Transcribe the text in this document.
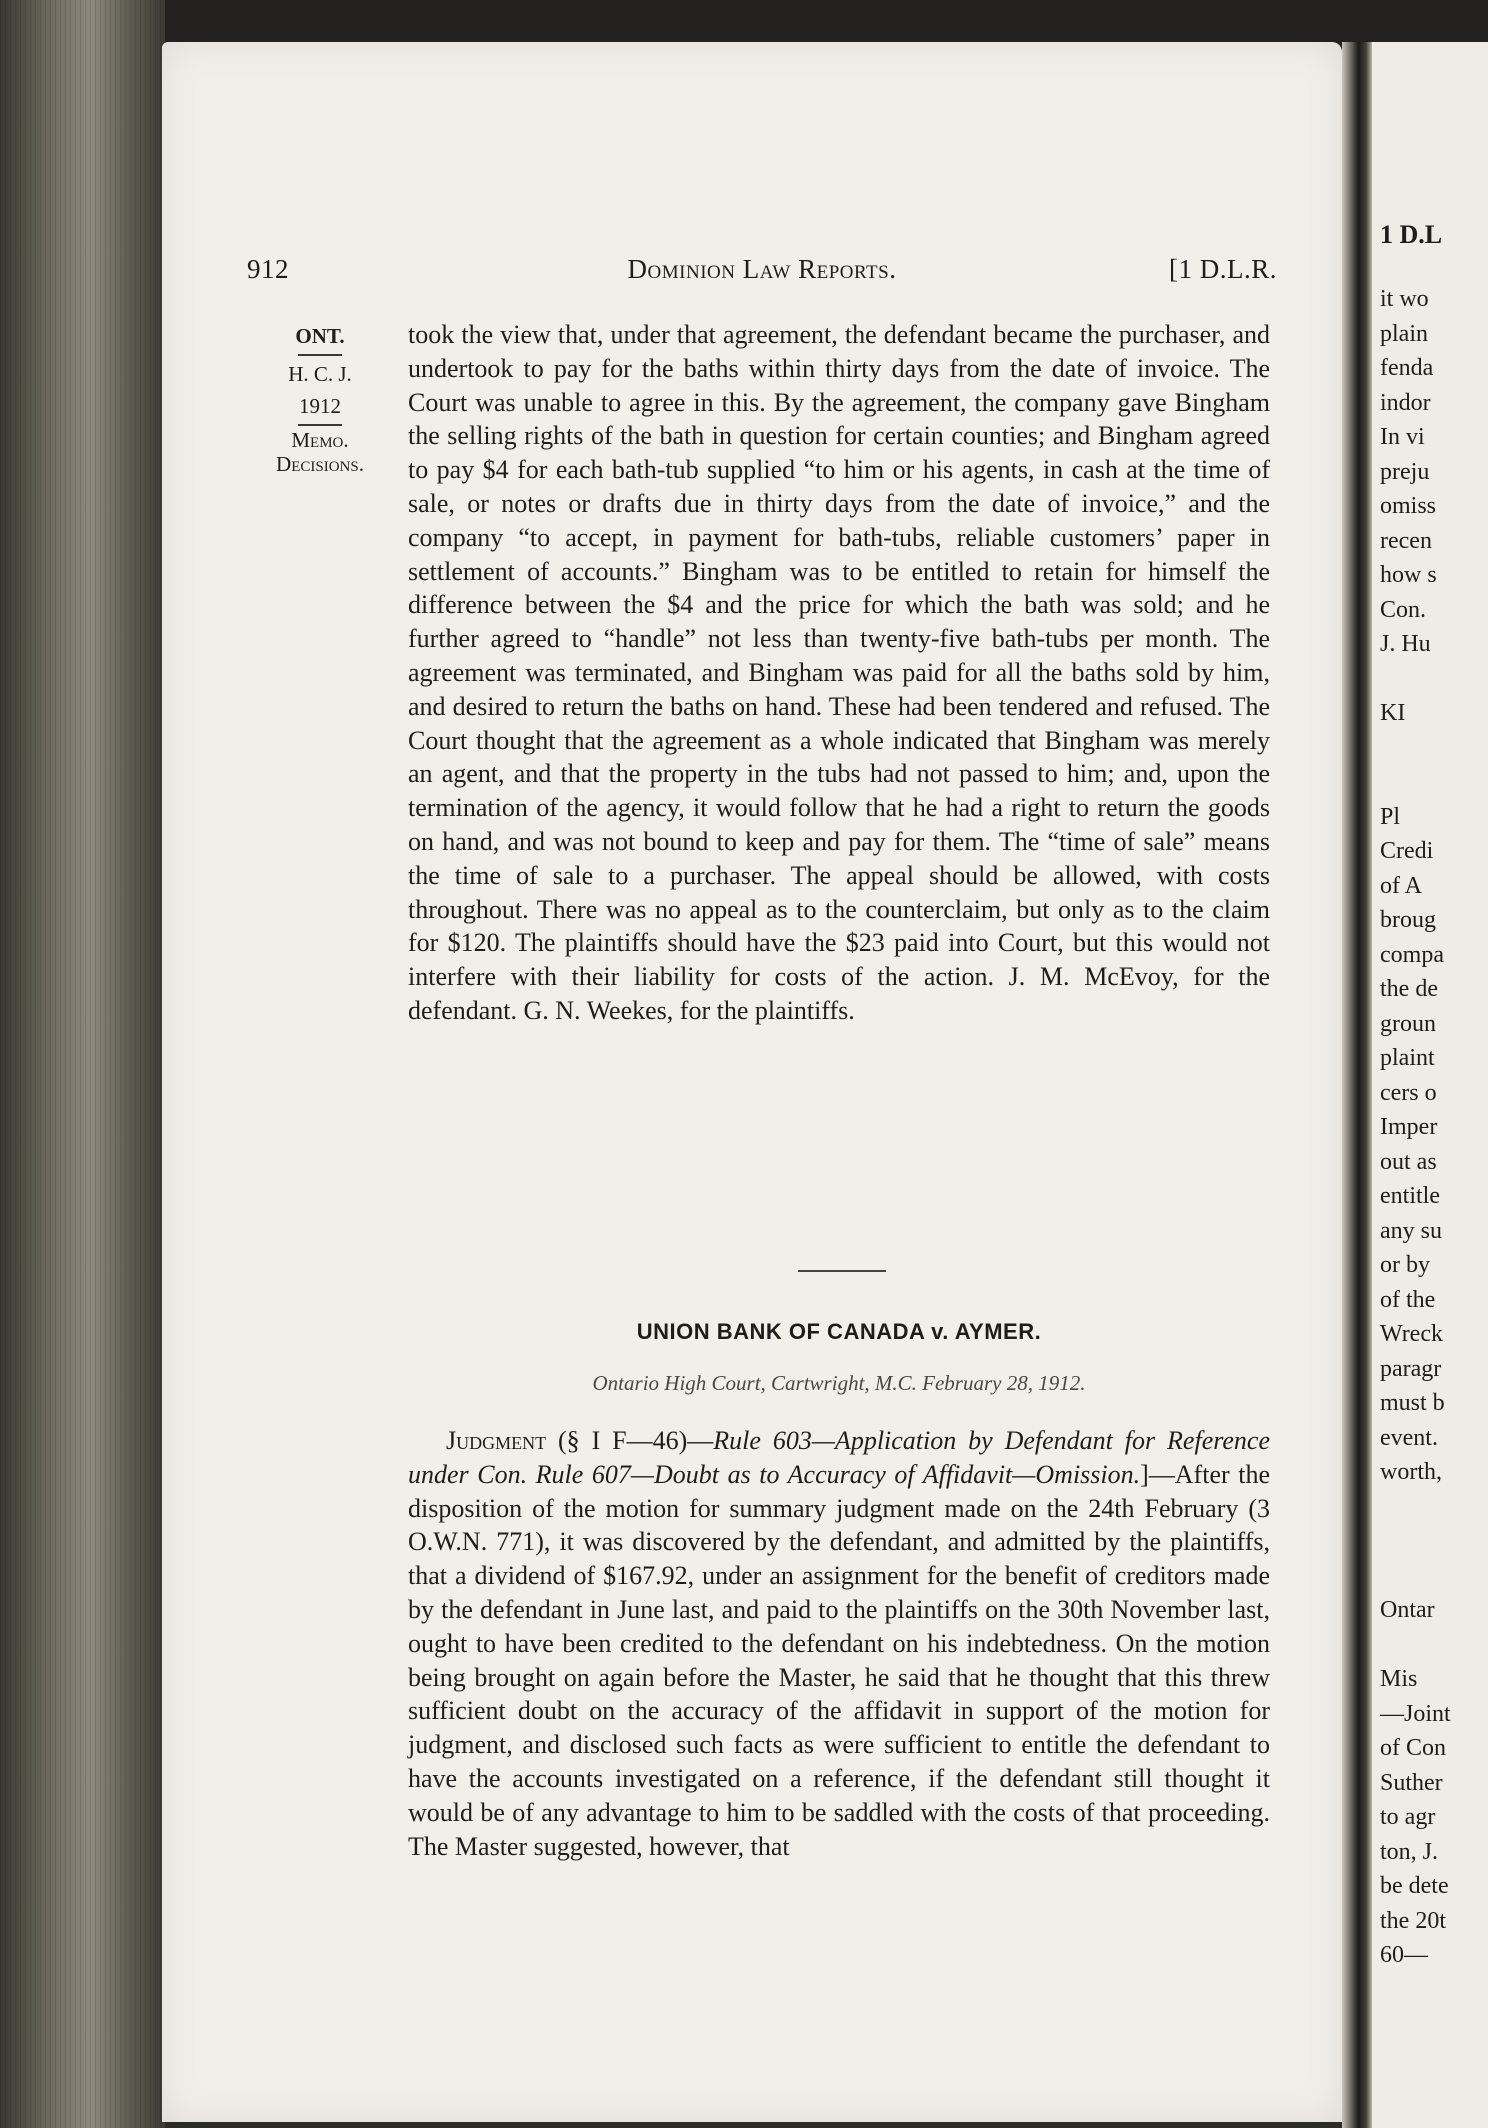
912	Dominion Law Reports.	[1 D.L.R.
ONT.
H. C. J.
1912
Memo.
Decisions.

took the view that, under that agreement, the defendant became the purchaser, and undertook to pay for the baths within thirty days from the date of invoice. The Court was unable to agree in this. By the agreement, the company gave Bingham the selling rights of the bath in question for certain counties; and Bingham agreed to pay $4 for each bath-tub supplied “to him or his agents, in cash at the time of sale, or notes or drafts due in thirty days from the date of invoice,” and the company “to accept, in payment for bath-tubs, reliable customers’ paper in settlement of accounts.” Bingham was to be entitled to retain for himself the difference between the $4 and the price for which the bath was sold; and he further agreed to “handle” not less than twenty-five bath-tubs per month. The agreement was terminated, and Bingham was paid for all the baths sold by him, and desired to return the baths on hand. These had been tendered and refused. The Court thought that the agreement as a whole indicated that Bingham was merely an agent, and that the property in the tubs had not passed to him; and, upon the termination of the agency, it would follow that he had a right to return the goods on hand, and was not bound to keep and pay for them. The “time of sale” means the time of sale to a purchaser. The appeal should be allowed, with costs throughout. There was no appeal as to the counterclaim, but only as to the claim for $120. The plaintiffs should have the $23 paid into Court, but this would not interfere with their liability for costs of the action. J. M. McEvoy, for the defendant. G. N. Weekes, for the plaintiffs.

UNION BANK OF CANADA v. AYMER.
Ontario High Court, Cartwright, M.C. February 28, 1912.

Judgment (§ I F—46)—Rule 603—Application by Defendant for Reference under Con. Rule 607—Doubt as to Accuracy of Affidavit—Omission.]—After the disposition of the motion for summary judgment made on the 24th February (3 O.W.N. 771), it was discovered by the defendant, and admitted by the plaintiffs, that a dividend of $167.92, under an assignment for the benefit of creditors made by the defendant in June last, and paid to the plaintiffs on the 30th November last, ought to have been credited to the defendant on his indebtedness. On the motion being brought on again before the Master, he said that he thought that this threw sufficient doubt on the accuracy of the affidavit in support of the motion for judgment, and disclosed such facts as were sufficient to entitle the defendant to have the accounts investigated on a reference, if the defendant still thought it would be of any advantage to him to be saddled with the costs of that proceeding. The Master suggested, however, that

1 D.L
it wo
plain
fenda
indor
In vi
preju
omiss
recen
how s
Con.
J. Hu

KI

Pl
Credi
of A
broug
compa
the de
groun
plaint
cers o
Imper
out as
entitle
any su
or by
of the
Wreck
paragr
must b
event.
worth,

Ontar

Mis
—Joint
of Con
Suther
to agr
ton, J.
be dete
the 20t
60—
